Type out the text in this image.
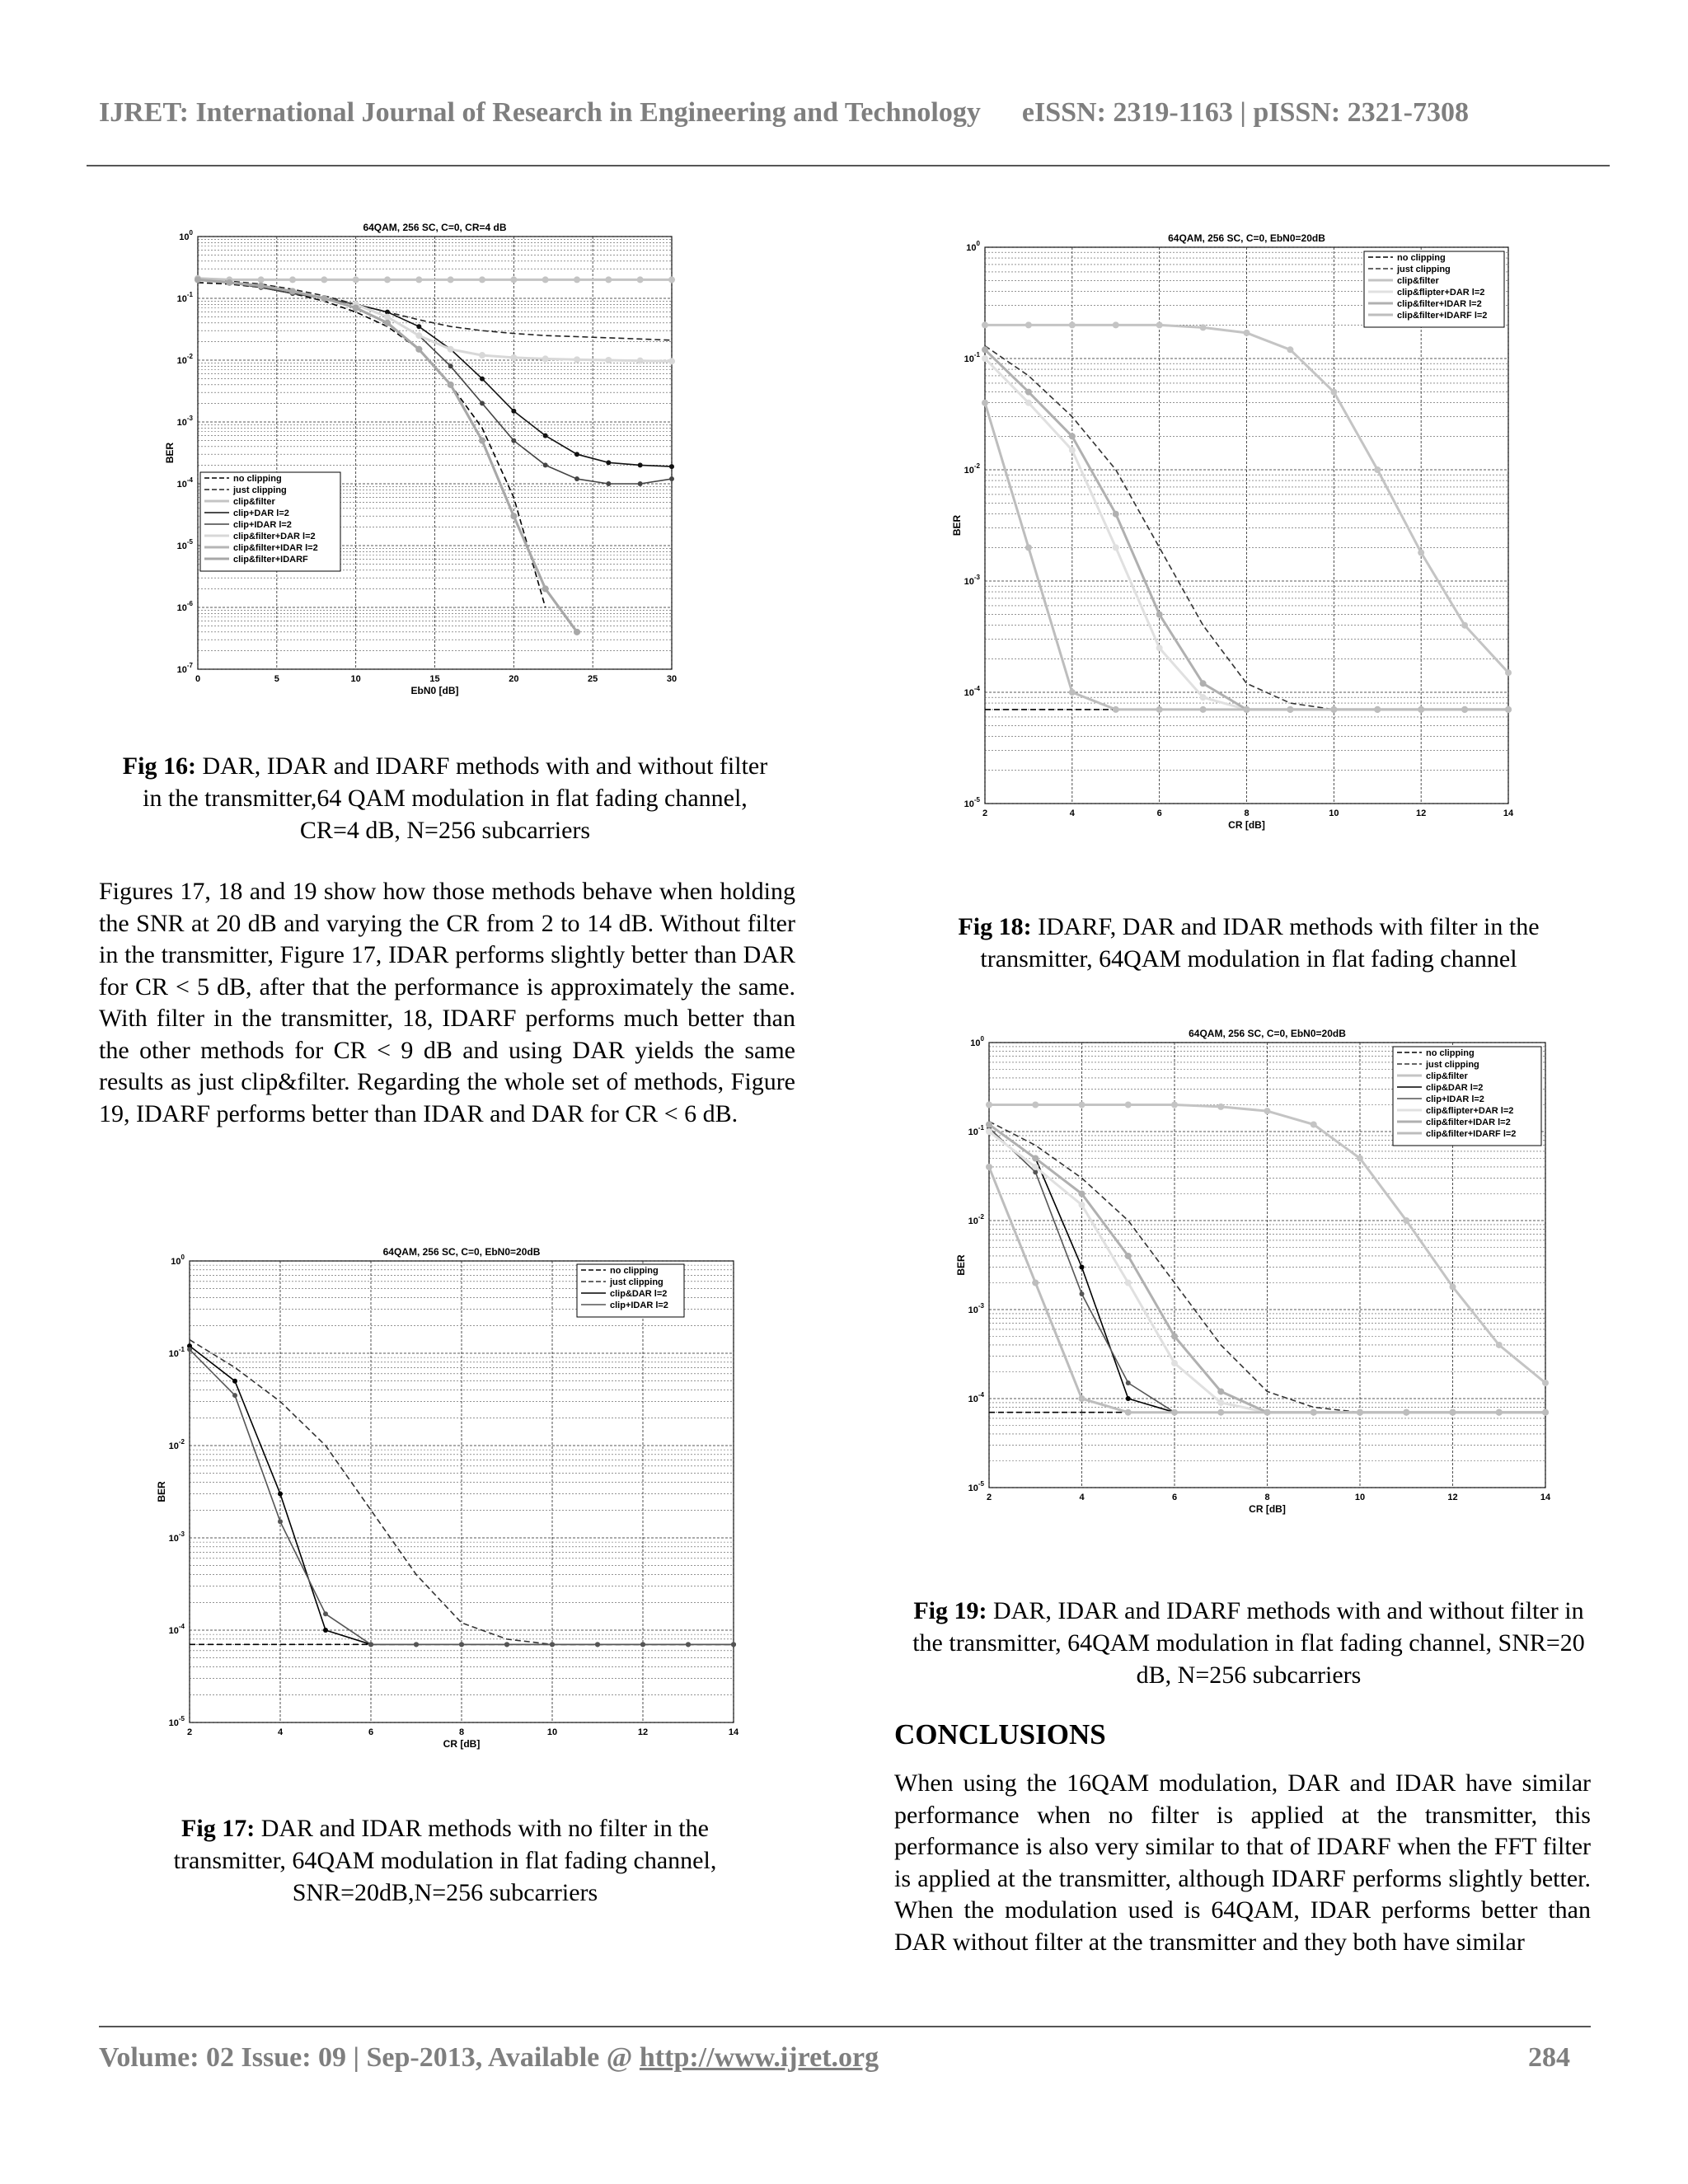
IJRET: International Journal of Research in Engineering and Technology eISSN: 2319-1163 | pISSN: 2321-7308
$10^{-7}$
$10^{-6}$
$10^{-5}$
$10^{-4}$
$10^{-3}$
$10^{-2}$
$10^{-1}$
$10^0$
0	5	10	15	20	25	30
64QAM, 256 SC, C=0, CR=4 dB
EbN0 [dB]
BER
no clipping
just clipping
clip&filter
clip+DAR l=2
clip+IDAR l=2
clip&filter+DAR l=2
clip&filter+IDAR l=2
clip&filter+IDARF
$10^{-5}$
$10^{-4}$
$10^{-3}$
$10^{-2}$
$10^{-1}$
$10^0$
2	4	6	8	10	12	14
64QAM, 256 SC, C=0, EbN0=20dB
CR [dB]
BER
no clipping
just clipping
clip&DAR l=2
clip+IDAR l=2
$10^{-5}$
$10^{-4}$
$10^{-3}$
$10^{-2}$
$10^{-1}$
$10^0$
2	4	6	8	10	12	14
64QAM, 256 SC, C=0, EbN0=20dB
CR [dB]
BER
no clipping
just clipping
clip&filter
clip&flipter+DAR l=2
clip&filter+IDAR l=2
clip&filter+IDARF l=2
$10^{-5}$
$10^{-4}$
$10^{-3}$
$10^{-2}$
$10^{-1}$
$10^0$
2	4	6	8	10	12	14
64QAM, 256 SC, C=0, EbN0=20dB
CR [dB]
BER
no clipping
just clipping
clip&filter
clip&DAR l=2
clip+IDAR l=2
clip&flipter+DAR l=2
clip&filter+IDAR l=2
clip&filter+IDARF l=2
Fig 16: DAR, IDAR and IDARF methods with and without filter in the transmitter,64 QAM modulation in flat fading channel, CR=4 dB, N=256 subcarriers
Figures 17, 18 and 19 show how those methods behave when holding the SNR at 20 dB and varying the CR from 2 to 14 dB. Without filter in the transmitter, Figure 17, IDAR performs slightly better than DAR for CR < 5 dB, after that the performance is approximately the same. With filter in the transmitter, 18, IDARF performs much better than the other methods for CR < 9 dB and using DAR yields the same results as just clip&filter. Regarding the whole set of methods, Figure 19, IDARF performs better than IDAR and DAR for CR < 6 dB.
Fig 17: DAR and IDAR methods with no filter in the transmitter, 64QAM modulation in flat fading channel, SNR=20dB,N=256 subcarriers
Fig 18: IDARF, DAR and IDAR methods with filter in the transmitter, 64QAM modulation in flat fading channel
Fig 19: DAR, IDAR and IDARF methods with and without filter in the transmitter, 64QAM modulation in flat fading channel, SNR=20 dB, N=256 subcarriers
CONCLUSIONS
When using the 16QAM modulation, DAR and IDAR have similar performance when no filter is applied at the transmitter, this performance is also very similar to that of IDARF when the FFT filter is applied at the transmitter, although IDARF performs slightly better. When the modulation used is 64QAM, IDAR performs better than DAR without filter at the transmitter and they both have similar
Volume: 02 Issue: 09 | Sep-2013, Available @ http://www.ijret.org	284
